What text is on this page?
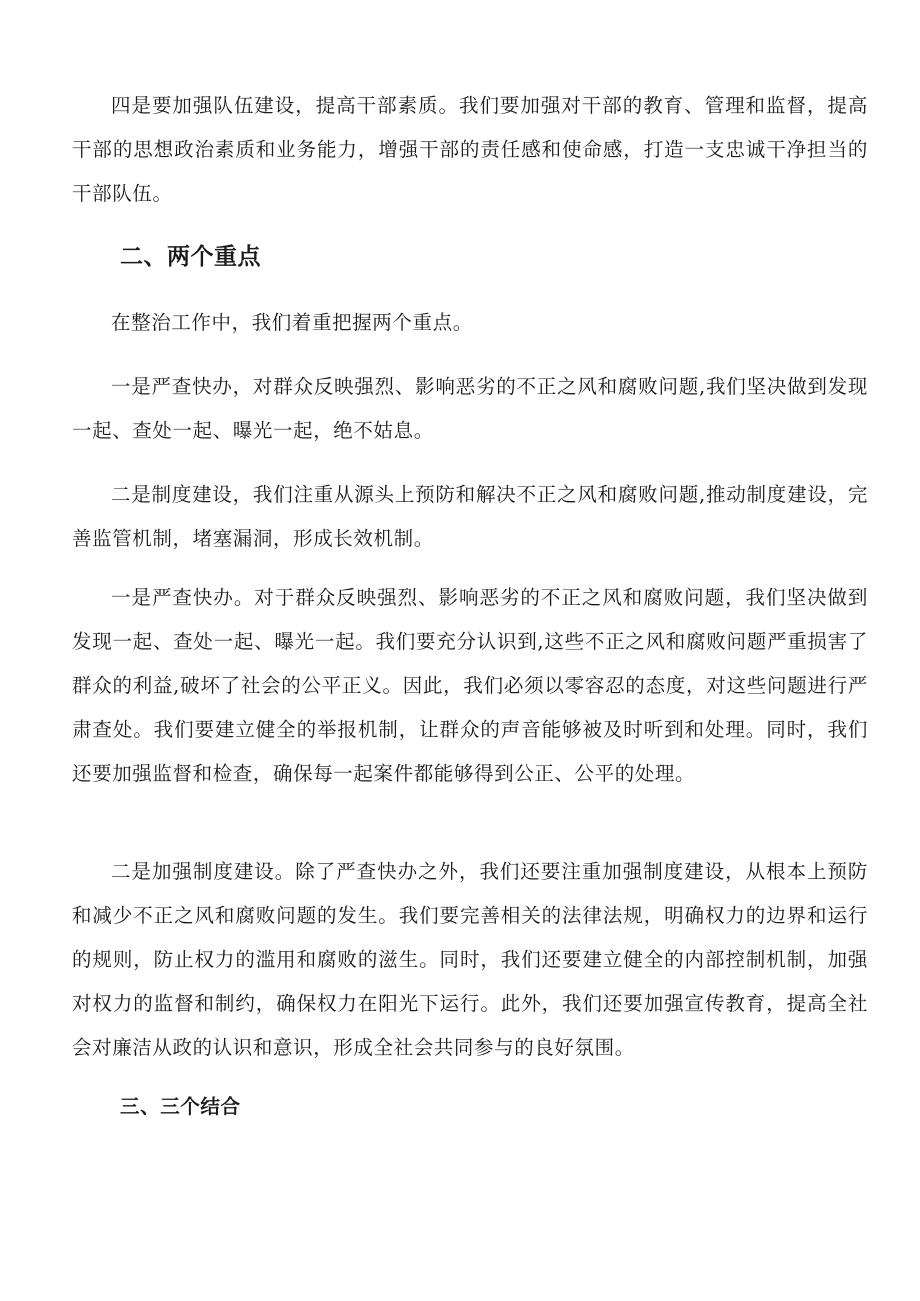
四是要加强队伍建设，提高干部素质。我们要加强对干部的教育、管理和监督，提高干部的思想政治素质和业务能力，增强干部的责任感和使命感，打造一支忠诚干净担当的干部队伍。

二、两个重点

在整治工作中，我们着重把握两个重点。

一是严查快办，对群众反映强烈、影响恶劣的不正之风和腐败问题,我们坚决做到发现一起、查处一起、曝光一起，绝不姑息。

二是制度建设，我们注重从源头上预防和解决不正之风和腐败问题,推动制度建设，完善监管机制，堵塞漏洞，形成长效机制。

一是严查快办。对于群众反映强烈、影响恶劣的不正之风和腐败问题，我们坚决做到发现一起、查处一起、曝光一起。我们要充分认识到,这些不正之风和腐败问题严重损害了群众的利益,破坏了社会的公平正义。因此，我们必须以零容忍的态度，对这些问题进行严肃查处。我们要建立健全的举报机制，让群众的声音能够被及时听到和处理。同时，我们还要加强监督和检查，确保每一起案件都能够得到公正、公平的处理。

二是加强制度建设。除了严查快办之外，我们还要注重加强制度建设，从根本上预防和减少不正之风和腐败问题的发生。我们要完善相关的法律法规，明确权力的边界和运行的规则，防止权力的滥用和腐败的滋生。同时，我们还要建立健全的内部控制机制，加强对权力的监督和制约，确保权力在阳光下运行。此外，我们还要加强宣传教育，提高全社会对廉洁从政的认识和意识，形成全社会共同参与的良好氛围。

三、三个结合
